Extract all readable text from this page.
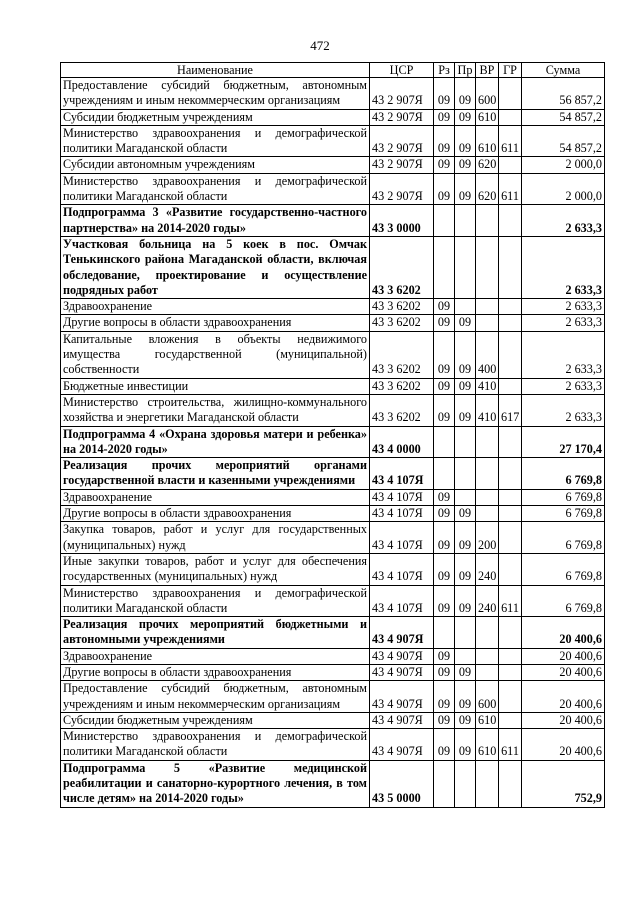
472
Наименование	ЦСР	Рз	Пр	ВР	ГР	Сумма
Предоставление субсидий бюджетным, автономным учреждениям и иным некоммерческим организациям	43 2 907Я	09	09	600		56 857,2
Субсидии бюджетным учреждениям	43 2 907Я	09	09	610		54 857,2
Министерство здравоохранения и демографической политики Магаданской области	43 2 907Я	09	09	610	611	54 857,2
Субсидии автономным учреждениям	43 2 907Я	09	09	620		2 000,0
Министерство здравоохранения и демографической политики Магаданской области	43 2 907Я	09	09	620	611	2 000,0
Подпрограмма 3 «Развитие государственно-частного партнерства» на 2014-2020 годы»	43 3 0000					2 633,3
Участковая больница на 5 коек в пос. Омчак Тенькинского района Магаданской области, включая обследование, проектирование и осуществление подрядных работ	43 3 6202					2 633,3
Здравоохранение	43 3 6202	09				2 633,3
Другие вопросы в области здравоохранения	43 3 6202	09	09			2 633,3
Капитальные вложения в объекты недвижимого имущества государственной (муниципальной) собственности	43 3 6202	09	09	400		2 633,3
Бюджетные инвестиции	43 3 6202	09	09	410		2 633,3
Министерство строительства, жилищно-коммунального хозяйства и энергетики Магаданской области	43 3 6202	09	09	410	617	2 633,3
Подпрограмма 4 «Охрана здоровья матери и ребенка» на 2014-2020 годы»	43 4 0000					27 170,4
Реализация прочих мероприятий органами государственной власти и казенными учреждениями	43 4 107Я					6 769,8
Здравоохранение	43 4 107Я	09				6 769,8
Другие вопросы в области здравоохранения	43 4 107Я	09	09			6 769,8
Закупка товаров, работ и услуг для государственных (муниципальных) нужд	43 4 107Я	09	09	200		6 769,8
Иные закупки товаров, работ и услуг для обеспечения государственных (муниципальных) нужд	43 4 107Я	09	09	240		6 769,8
Министерство здравоохранения и демографической политики Магаданской области	43 4 107Я	09	09	240	611	6 769,8
Реализация прочих мероприятий бюджетными и автономными учреждениями	43 4 907Я					20 400,6
Здравоохранение	43 4 907Я	09				20 400,6
Другие вопросы в области здравоохранения	43 4 907Я	09	09			20 400,6
Предоставление субсидий бюджетным, автономным учреждениям и иным некоммерческим организациям	43 4 907Я	09	09	600		20 400,6
Субсидии бюджетным учреждениям	43 4 907Я	09	09	610		20 400,6
Министерство здравоохранения и демографической политики Магаданской области	43 4 907Я	09	09	610	611	20 400,6
Подпрограмма 5 «Развитие медицинской реабилитации и санаторно-курортного лечения, в том числе детям» на 2014-2020 годы»	43 5 0000					752,9
